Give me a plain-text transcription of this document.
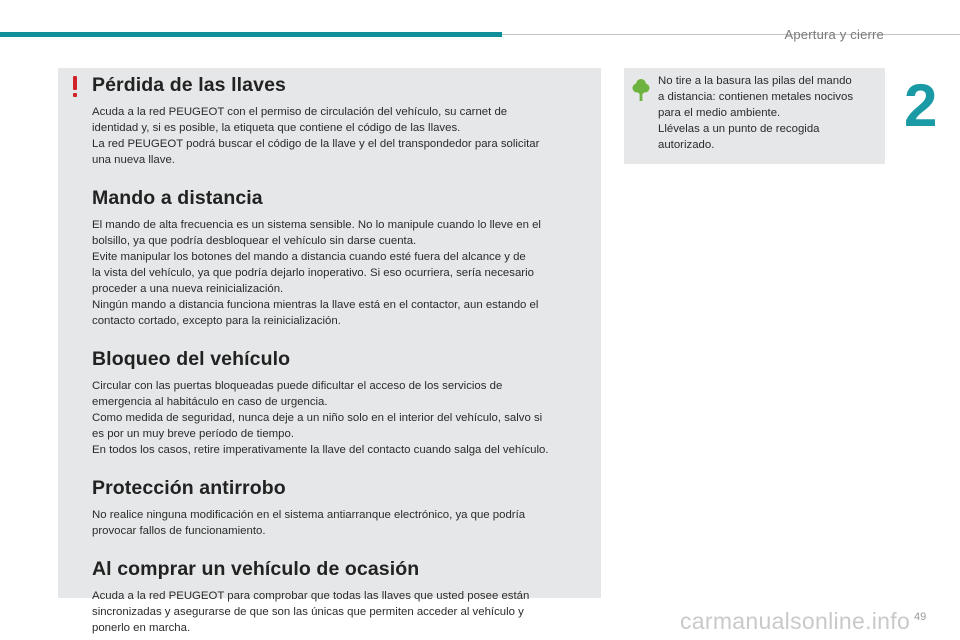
Apertura y cierre
2
Pérdida de las llaves

Acuda a la red PEUGEOT con el permiso de circulación del vehículo, su carnet de
identidad y, si es posible, la etiqueta que contiene el código de las llaves.
La red PEUGEOT podrá buscar el código de la llave y el del transpondedor para solicitar
una nueva llave.

Mando a distancia

El mando de alta frecuencia es un sistema sensible. No lo manipule cuando lo lleve en el
bolsillo, ya que podría desbloquear el vehículo sin darse cuenta.
Evite manipular los botones del mando a distancia cuando esté fuera del alcance y de
la vista del vehículo, ya que podría dejarlo inoperativo. Si eso ocurriera, sería necesario
proceder a una nueva reinicialización.
Ningún mando a distancia funciona mientras la llave está en el contactor, aun estando el
contacto cortado, excepto para la reinicialización.

Bloqueo del vehículo

Circular con las puertas bloqueadas puede dificultar el acceso de los servicios de
emergencia al habitáculo en caso de urgencia.
Como medida de seguridad, nunca deje a un niño solo en el interior del vehículo, salvo si
es por un muy breve período de tiempo.
En todos los casos, retire imperativamente la llave del contacto cuando salga del vehículo.

Protección antirrobo

No realice ninguna modificación en el sistema antiarranque electrónico, ya que podría
provocar fallos de funcionamiento.

Al comprar un vehículo de ocasión

Acuda a la red PEUGEOT para comprobar que todas las llaves que usted posee están
sincronizadas y asegurarse de que son las únicas que permiten acceder al vehículo y
ponerlo en marcha.

No tire a la basura las pilas del mando
a distancia: contienen metales nocivos
para el medio ambiente.
Llévelas a un punto de recogida
autorizado.

carmanualsonline.info 49
